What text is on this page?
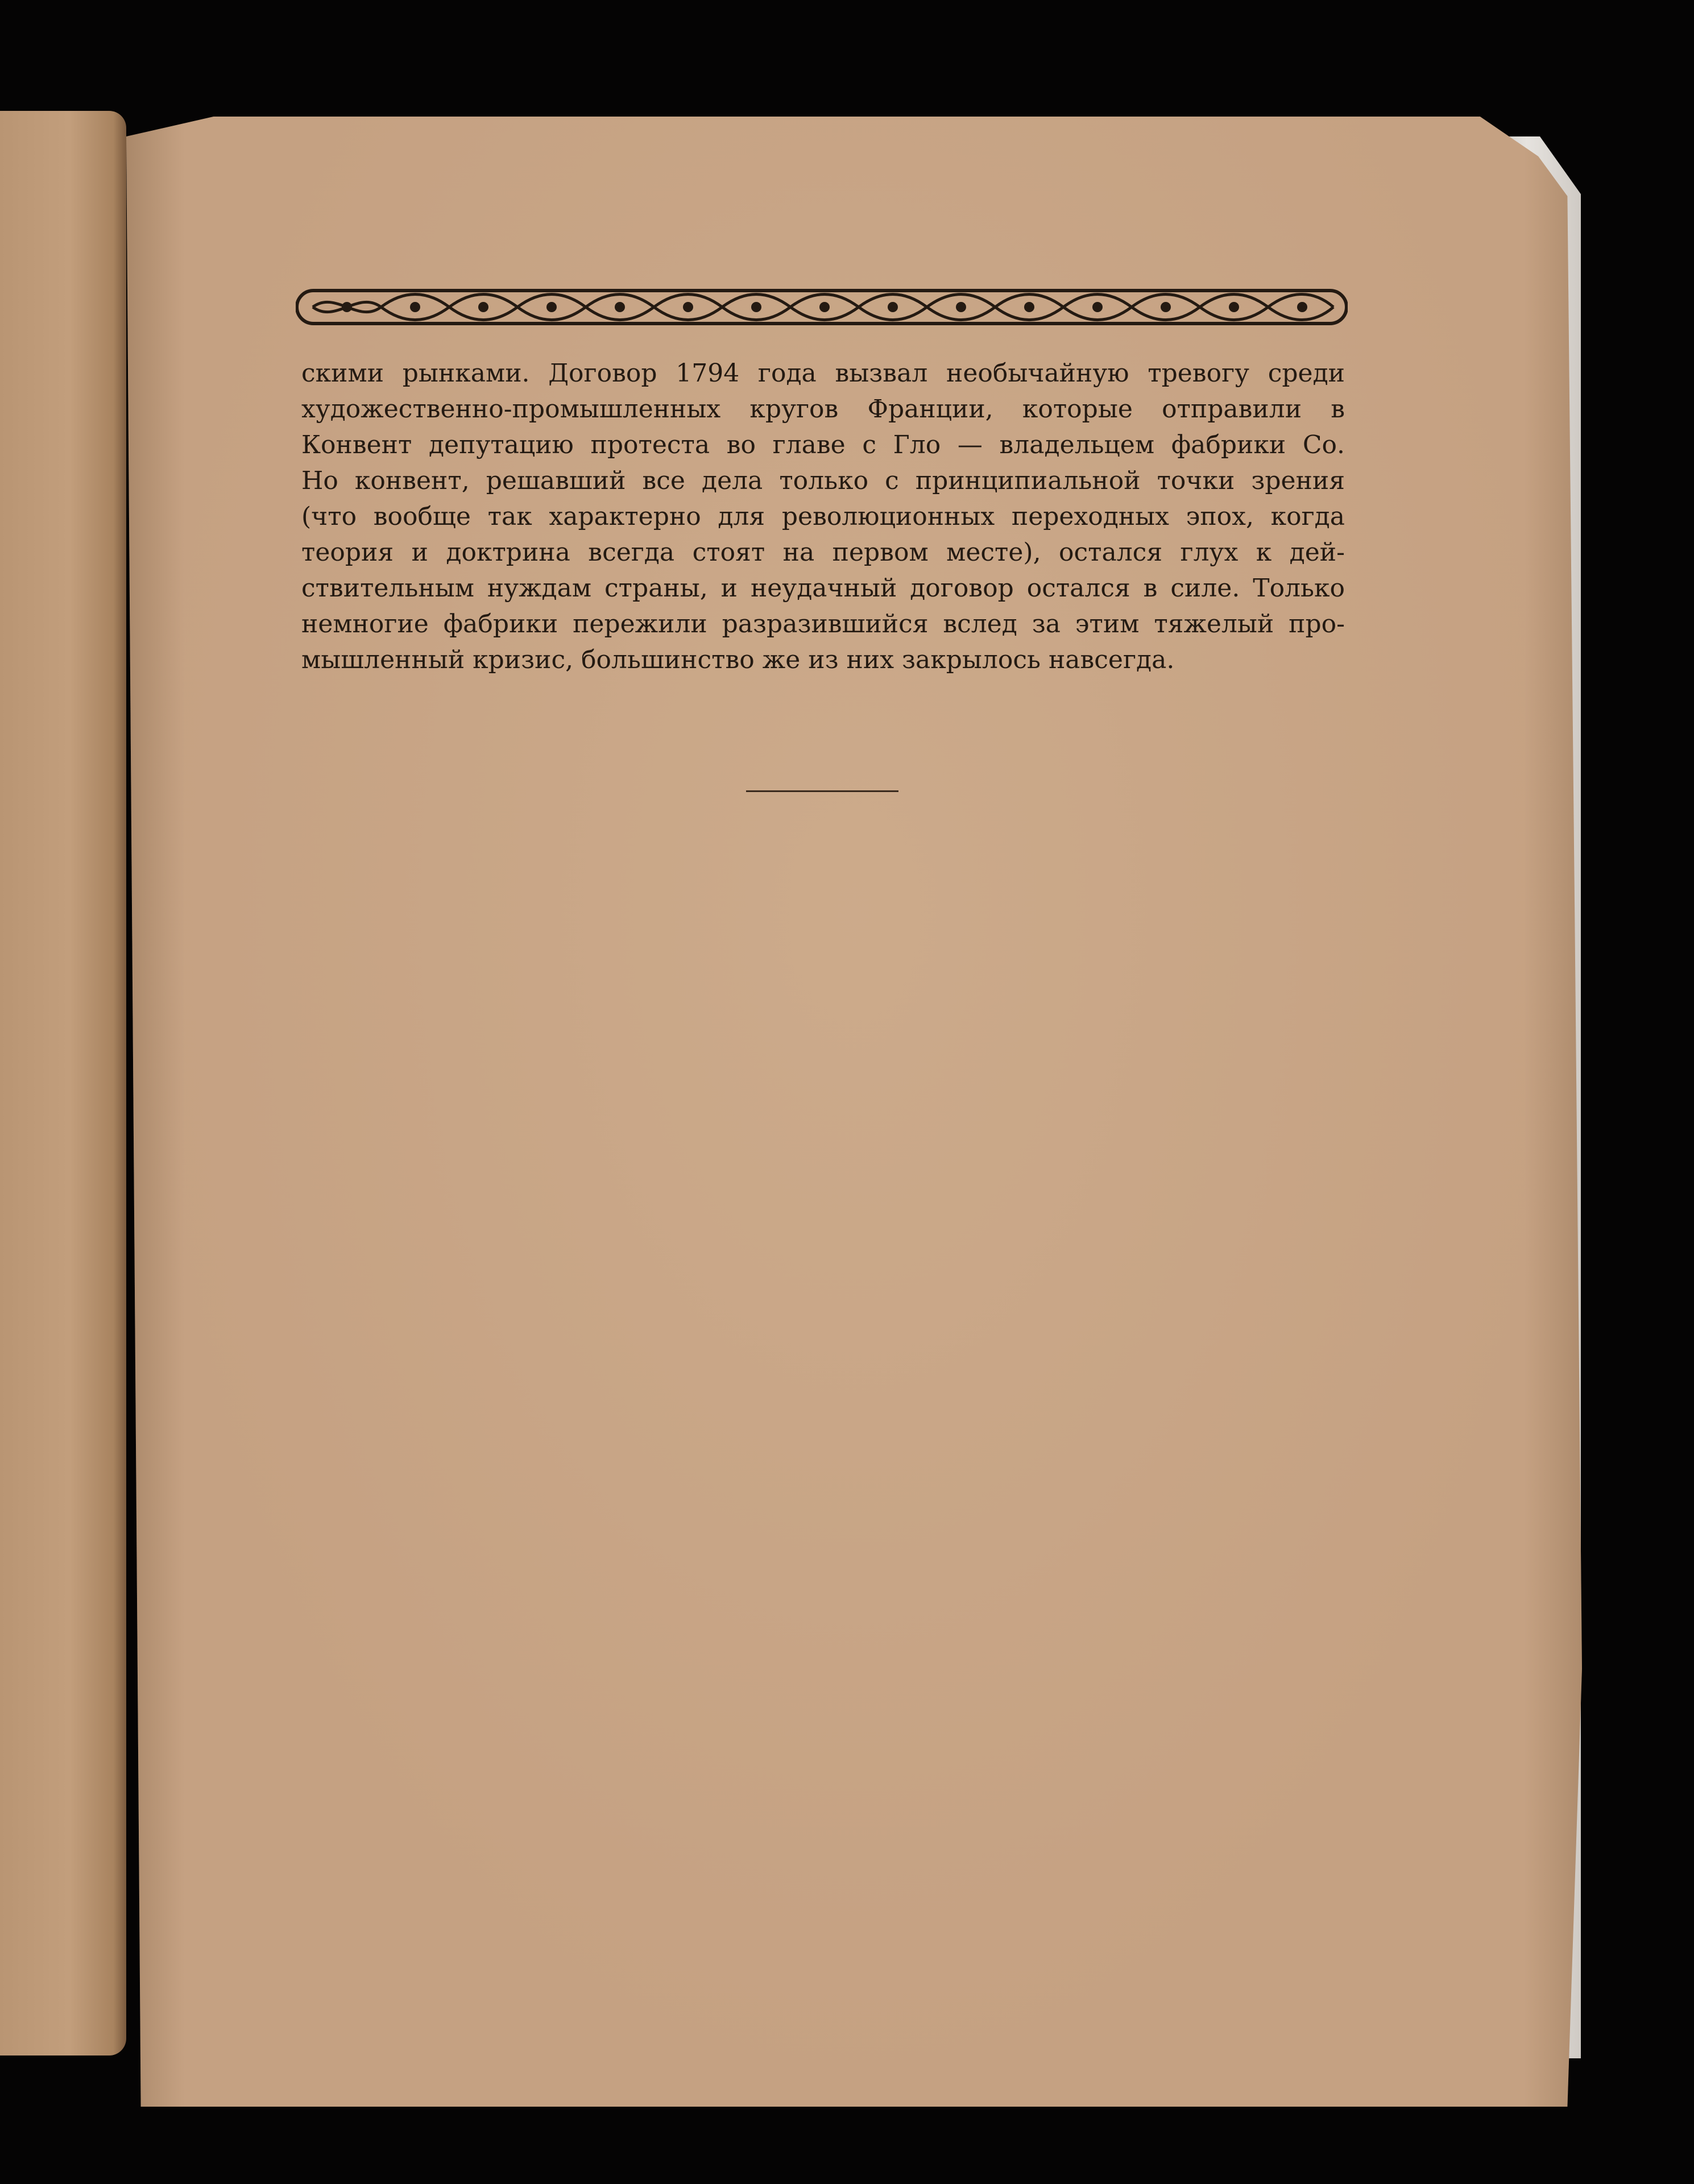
скими рынками. Договор 1794 года вызвал необычайную тревогу среди
художественно-промышленных кругов Франции, которые отправили в
Конвент депутацию протеста во главе с Гло — владельцем фабрики Со.
Но конвент, решавший все дела только с принципиальной точки зрения
(что вообще так характерно для революционных переходных эпох, когда
теория и доктрина всегда стоят на первом месте), остался глух к дей-
ствительным нуждам страны, и неудачный договор остался в силе. Только
немногие фабрики пережили разразившийся вслед за этим тяжелый про-
мышленный кризис, большинство же из них закрылось навсегда.
